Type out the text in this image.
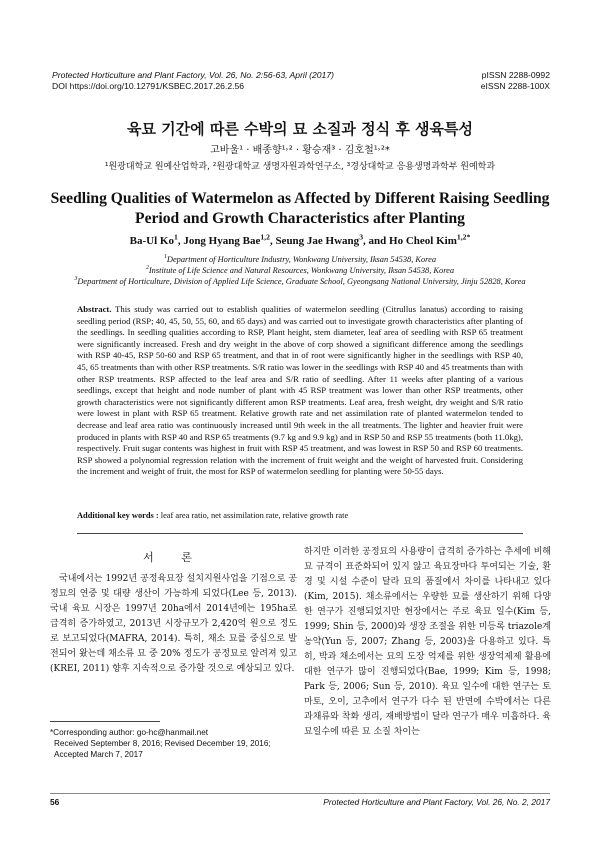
Protected Horticulture and Plant Factory, Vol. 26, No. 2:56-63, April (2017)
DOI https://doi.org/10.12791/KSBEC.2017.26.2.56
pISSN 2288-0992
eISSN 2288-100X
육묘 기간에 따른 수박의 묘 소질과 정식 후 생육특성
고바울¹ · 배종향¹˒² · 황승재³ · 김호철¹˒²*
¹원광대학교 원예산업학과, ²원광대학교 생명자원과학연구소, ³경상대학교 응용생명과학부 원예학과
Seedling Qualities of Watermelon as Affected by Different Raising Seedling Period and Growth Characteristics after Planting
Ba-Ul Ko$^1$, Jong Hyang Bae$^{1,2}$, Seung Jae Hwang$^3$, and Ho Cheol Kim$^{1,2*}$
$^1$Department of Horticulture Industry, Wonkwang University, Iksan 54538, Korea
$^2$Institute of Life Science and Natural Resources, Wonkwang University, Iksan 54538, Korea
$^3$Department of Horticulture, Division of Applied Life Science, Graduate School, Gyeongsang National University, Jinju 52828, Korea
Abstract. This study was carried out to establish qualities of watermelon seedling (Citrullus lanatus) according to raising seedling period (RSP; 40, 45, 50, 55, 60, and 65 days) and was carried out to investigate growth characteristics after planting of the seedlings. In seedling qualities according to RSP, Plant height, stem diameter, leaf area of seedling with RSP 65 treatment were significantly increased. Fresh and dry weight in the above of corp showed a significant difference among the seedlings with RSP 40-45, RSP 50-60 and RSP 65 treatment, and that in of root were significantly higher in the seedlings with RSP 40, 45, 65 treatments than with other RSP treatments. S/R ratio was lower in the seedlings with RSP 40 and 45 treatments than with other RSP treatments. RSP affected to the leaf area and S/R ratio of seedling. After 11 weeks after planting of a various seedlings, except that height and node number of plant with 45 RSP treatment was lower than other RSP treatments, other growth characteristics were not significantly different amon RSP treatments. Leaf area, fresh weight, dry weight and S/R ratio were lowest in plant with RSP 65 treatment. Relative growth rate and net assimilation rate of planted watermelon tended to decrease and leaf area ratio was continuously increased until 9th week in the all treatments. The lighter and heavier fruit were produced in plants with RSP 40 and RSP 65 treatments (9.7 kg and 9.9 kg) and in RSP 50 and RSP 55 treatments (both 11.0kg), respectively. Fruit sugar contents was highest in fruit with RSP 45 treatment, and was lowest in RSP 50 and RSP 60 treatments. RSP showed a polynomial regression relation with the increment of fruit weight and the weight of harvested fruit. Considering the increment and weight of fruit, the most for RSP of watermelon seedling for planting were 50-55 days.
Additional key words : leaf area ratio, net assimilation rate, relative growth rate
서 론

국내에서는 1992년 공정육묘장 설치지원사업을 기점으로 공정묘의 연중 및 대량 생산이 가능하게 되었다(Lee 등, 2013). 국내 육묘 시장은 1997년 20ha에서 2014년에는 195ha로 급격히 증가하였고, 2013년 시장규모가 2,420억 원으로 정도로 보고되었다(MAFRA, 2014). 특히, 채소 묘를 중심으로 발전되어 왔는데 채소류 묘 중 20% 정도가 공정묘로 알려져 있고(KREI, 2011) 향후 지속적으로 증가할 것으로 예상되고 있다.

하지만 이러한 공정묘의 사용량이 급격히 증가하는 추세에 비해 묘 규격이 표준화되어 있지 않고 육묘장마다 투여되는 기술, 환경 및 시설 수준이 달라 묘의 품질에서 차이를 나타내고 있다(Kim, 2015). 채소류에서는 우량한 묘를 생산하기 위해 다양한 연구가 진행되었지만 현장에서는 주로 육묘 일수(Kim 등, 1999; Shin 등, 2000)와 생장 조절을 위한 미등록 triazole계 농약(Yun 등, 2007; Zhang 등, 2003)을 다용하고 있다. 특히, 박과 채소에서는 묘의 도장 억제를 위한 생장억제제 활용에 대한 연구가 많이 진행되었다(Bae, 1999; Kim 등, 1998; Park 등, 2006; Sun 등, 2010). 육묘 일수에 대한 연구는 토마토, 오이, 고추에서 연구가 다수 된 반면에 수박에서는 다른 과채류와 착화 생리, 재배방법이 달라 연구가 매우 미흡하다. 육묘일수에 따른 묘 소질 차이는

*Corresponding author: go-hc@hanmail.net
Received September 8, 2016; Revised December 19, 2016;
Accepted March 7, 2017
56	Protected Horticulture and Plant Factory, Vol. 26, No. 2, 2017
